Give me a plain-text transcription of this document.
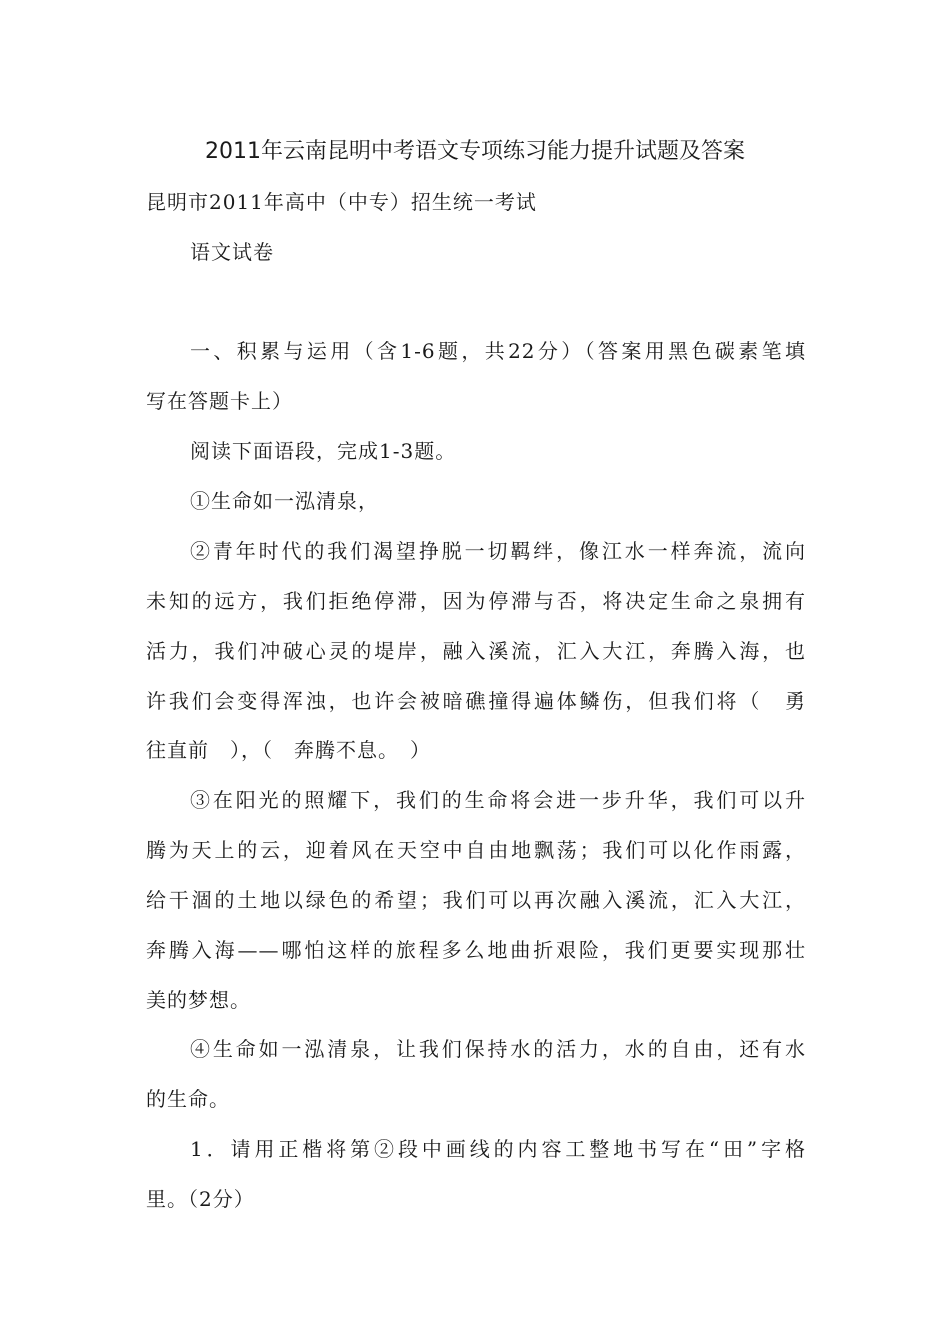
2011年云南昆明中考语文专项练习能力提升试题及答案
昆明市2011年高中（中专）招生统一考试
语文试卷
一、积累与运用（含1-6题，共22分）（答案用黑色碳素笔填
写在答题卡上）
阅读下面语段，完成1-3题。
①生命如一泓清泉，
②青年时代的我们渴望挣脱一切羁绊，像江水一样奔流，流向
未知的远方，我们拒绝停滞，因为停滞与否，将决定生命之泉拥有
活力，我们冲破心灵的堤岸，融入溪流，汇入大江，奔腾入海，也
许我们会变得浑浊，也许会被暗礁撞得遍体鳞伤，但我们将（　勇
往直前　），（　奔腾不息。　）
③在阳光的照耀下，我们的生命将会进一步升华，我们可以升
腾为天上的云，迎着风在天空中自由地飘荡；我们可以化作雨露，
给干涸的土地以绿色的希望；我们可以再次融入溪流，汇入大江，
奔腾入海——哪怕这样的旅程多么地曲折艰险，我们更要实现那壮
美的梦想。
④生命如一泓清泉，让我们保持水的活力，水的自由，还有水
的生命。
1．请用正楷将第②段中画线的内容工整地书写在“田”字格
里。（2分）
